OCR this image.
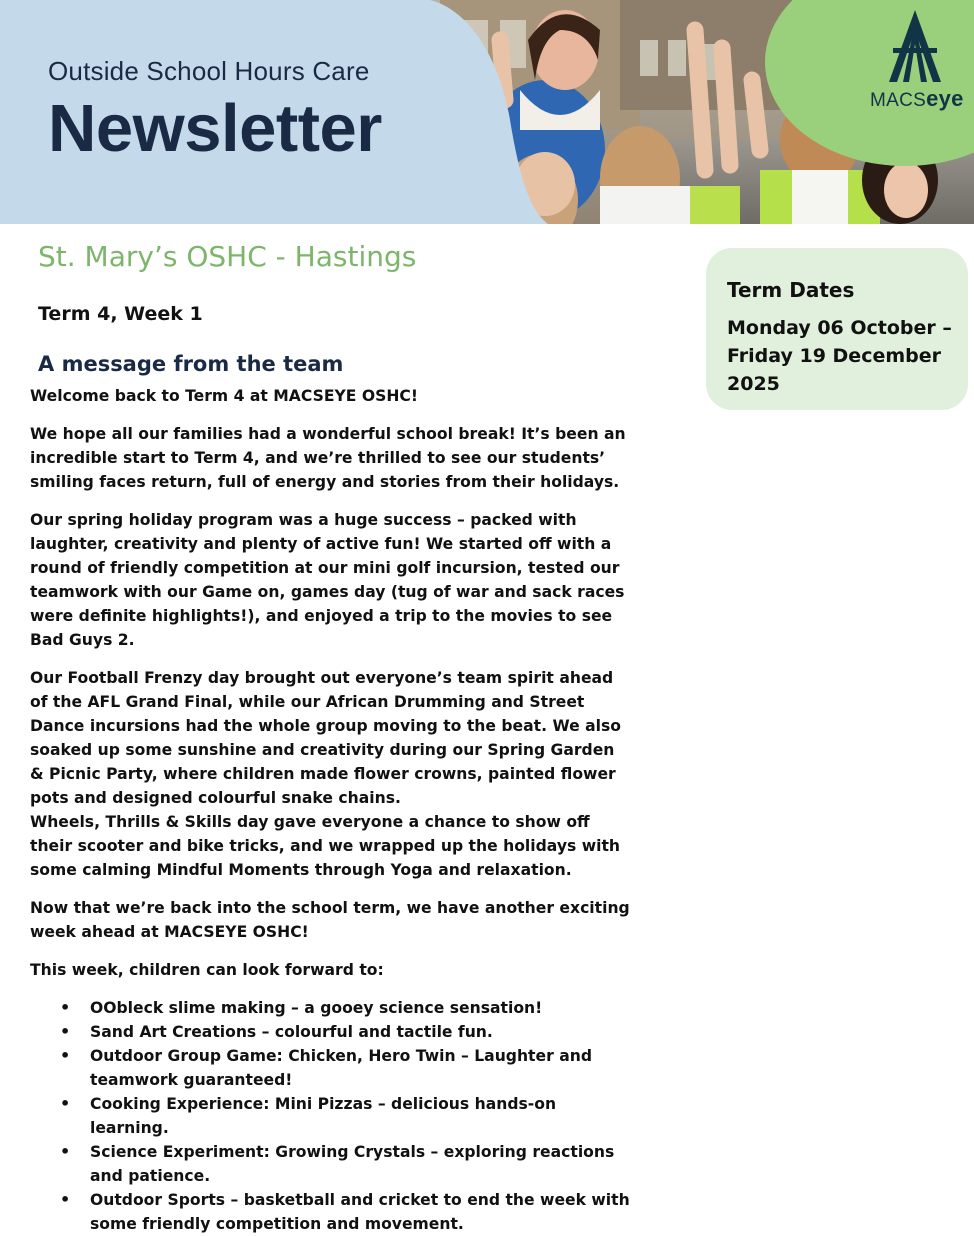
Outside School Hours Care
Newsletter	MACSeye
St. Mary’s OSHC - Hastings
Term 4, Week 1
A message from the team

Welcome back to Term 4 at MACSEYE OSHC!

We hope all our families had a wonderful school break! It’s been an incredible start to Term 4, and we’re thrilled to see our students’ smiling faces return, full of energy and stories from their holidays.

Our spring holiday program was a huge success – packed with laughter, creativity and plenty of active fun! We started off with a round of friendly competition at our mini golf incursion, tested our teamwork with our Game on, games day (tug of war and sack races were definite highlights!), and enjoyed a trip to the movies to see Bad Guys 2.

Our Football Frenzy day brought out everyone’s team spirit ahead of the AFL Grand Final, while our African Drumming and Street Dance incursions had the whole group moving to the beat. We also soaked up some sunshine and creativity during our Spring Garden & Picnic Party, where children made flower crowns, painted flower pots and designed colourful snake chains.

Wheels, Thrills & Skills day gave everyone a chance to show off their scooter and bike tricks, and we wrapped up the holidays with some calming Mindful Moments through Yoga and relaxation.

Now that we’re back into the school term, we have another exciting week ahead at MACSEYE OSHC!

This week, children can look forward to:

• OObleck slime making – a gooey science sensation!
• Sand Art Creations – colourful and tactile fun.
• Outdoor Group Game: Chicken, Hero Twin – Laughter and teamwork guaranteed!
• Cooking Experience: Mini Pizzas – delicious hands-on learning.
• Science Experiment: Growing Crystals – exploring reactions and patience.
• Outdoor Sports – basketball and cricket to end the week with some friendly competition and movement.
Term Dates
Monday 06 October – Friday 19 December 2025
